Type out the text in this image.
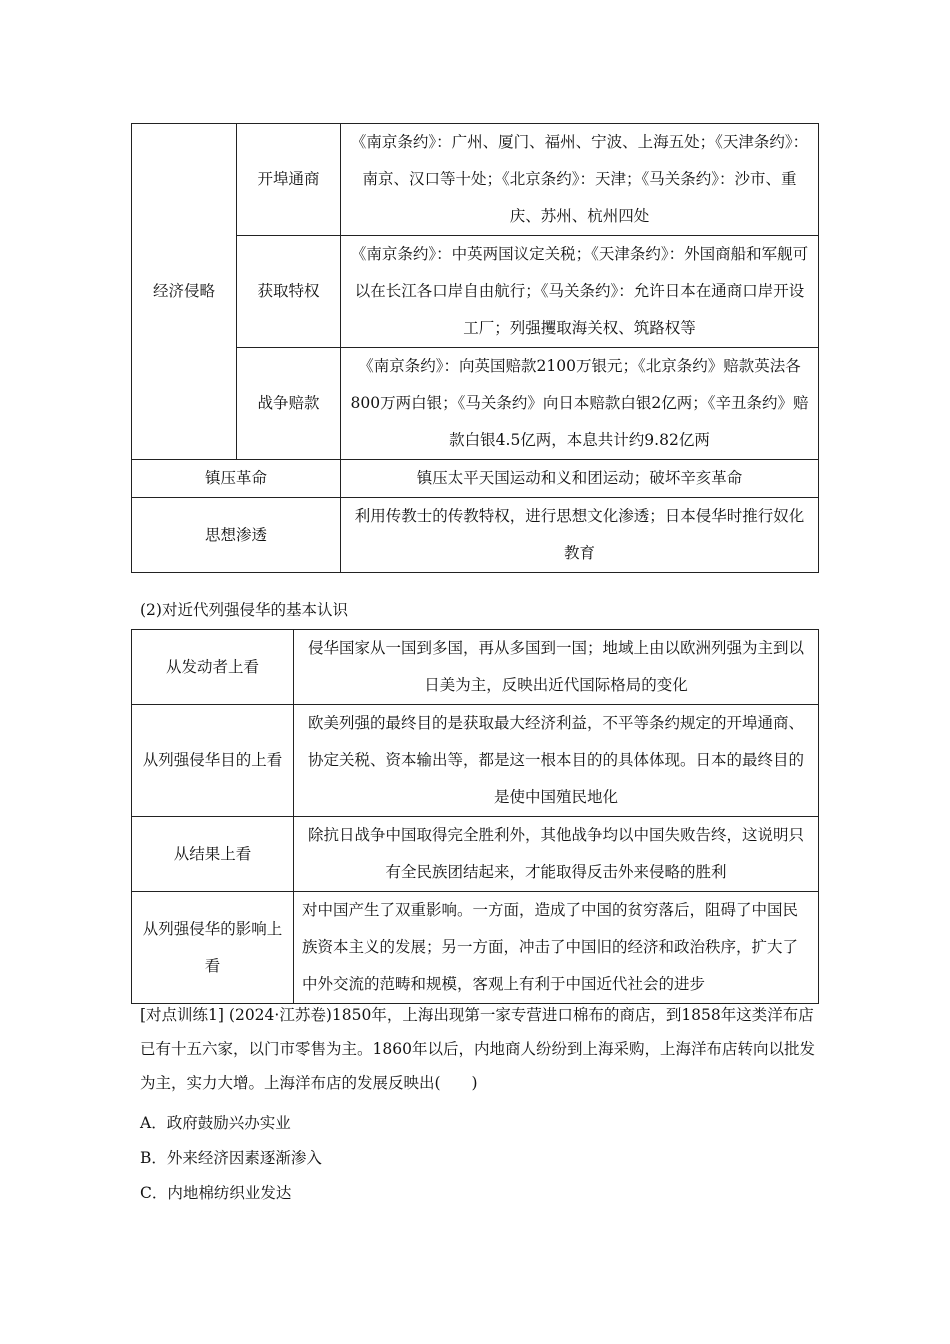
经济侵略	开埠通商	《南京条约》：广州、厦门、福州、宁波、上海五处；《天津条约》：南京、汉口等十处；《北京条约》：天津；《马关条约》：沙市、重庆、苏州、杭州四处
	获取特权	《南京条约》：中英两国议定关税；《天津条约》：外国商船和军舰可以在长江各口岸自由航行；《马关条约》：允许日本在通商口岸开设工厂；列强攫取海关权、筑路权等
	战争赔款	《南京条约》：向英国赔款2100万银元；《北京条约》赔款英法各800万两白银；《马关条约》向日本赔款白银2亿两；《辛丑条约》赔款白银4.5亿两，本息共计约9.82亿两
镇压革命		镇压太平天国运动和义和团运动；破坏辛亥革命
思想渗透		利用传教士的传教特权，进行思想文化渗透；日本侵华时推行奴化教育
(2)对近代列强侵华的基本认识
从发动者上看	侵华国家从一国到多国，再从多国到一国；地域上由以欧洲列强为主到以日美为主，反映出近代国际格局的变化
从列强侵华目的上看	欧美列强的最终目的是获取最大经济利益，不平等条约规定的开埠通商、协定关税、资本输出等，都是这一根本目的的具体体现。日本的最终目的是使中国殖民地化
从结果上看	除抗日战争中国取得完全胜利外，其他战争均以中国失败告终，这说明只有全民族团结起来，才能取得反击外来侵略的胜利
从列强侵华的影响上看	对中国产生了双重影响。一方面，造成了中国的贫穷落后，阻碍了中国民族资本主义的发展；另一方面，冲击了中国旧的经济和政治秩序，扩大了中外交流的范畴和规模，客观上有利于中国近代社会的进步
[对点训练1] (2024·江苏卷)1850年，上海出现第一家专营进口棉布的商店，到1858年这类洋布店已有十五六家，以门市零售为主。1860年以后，内地商人纷纷到上海采购，上海洋布店转向以批发为主，实力大增。上海洋布店的发展反映出(　　)
A．政府鼓励兴办实业
B．外来经济因素逐渐渗入
C．内地棉纺织业发达
